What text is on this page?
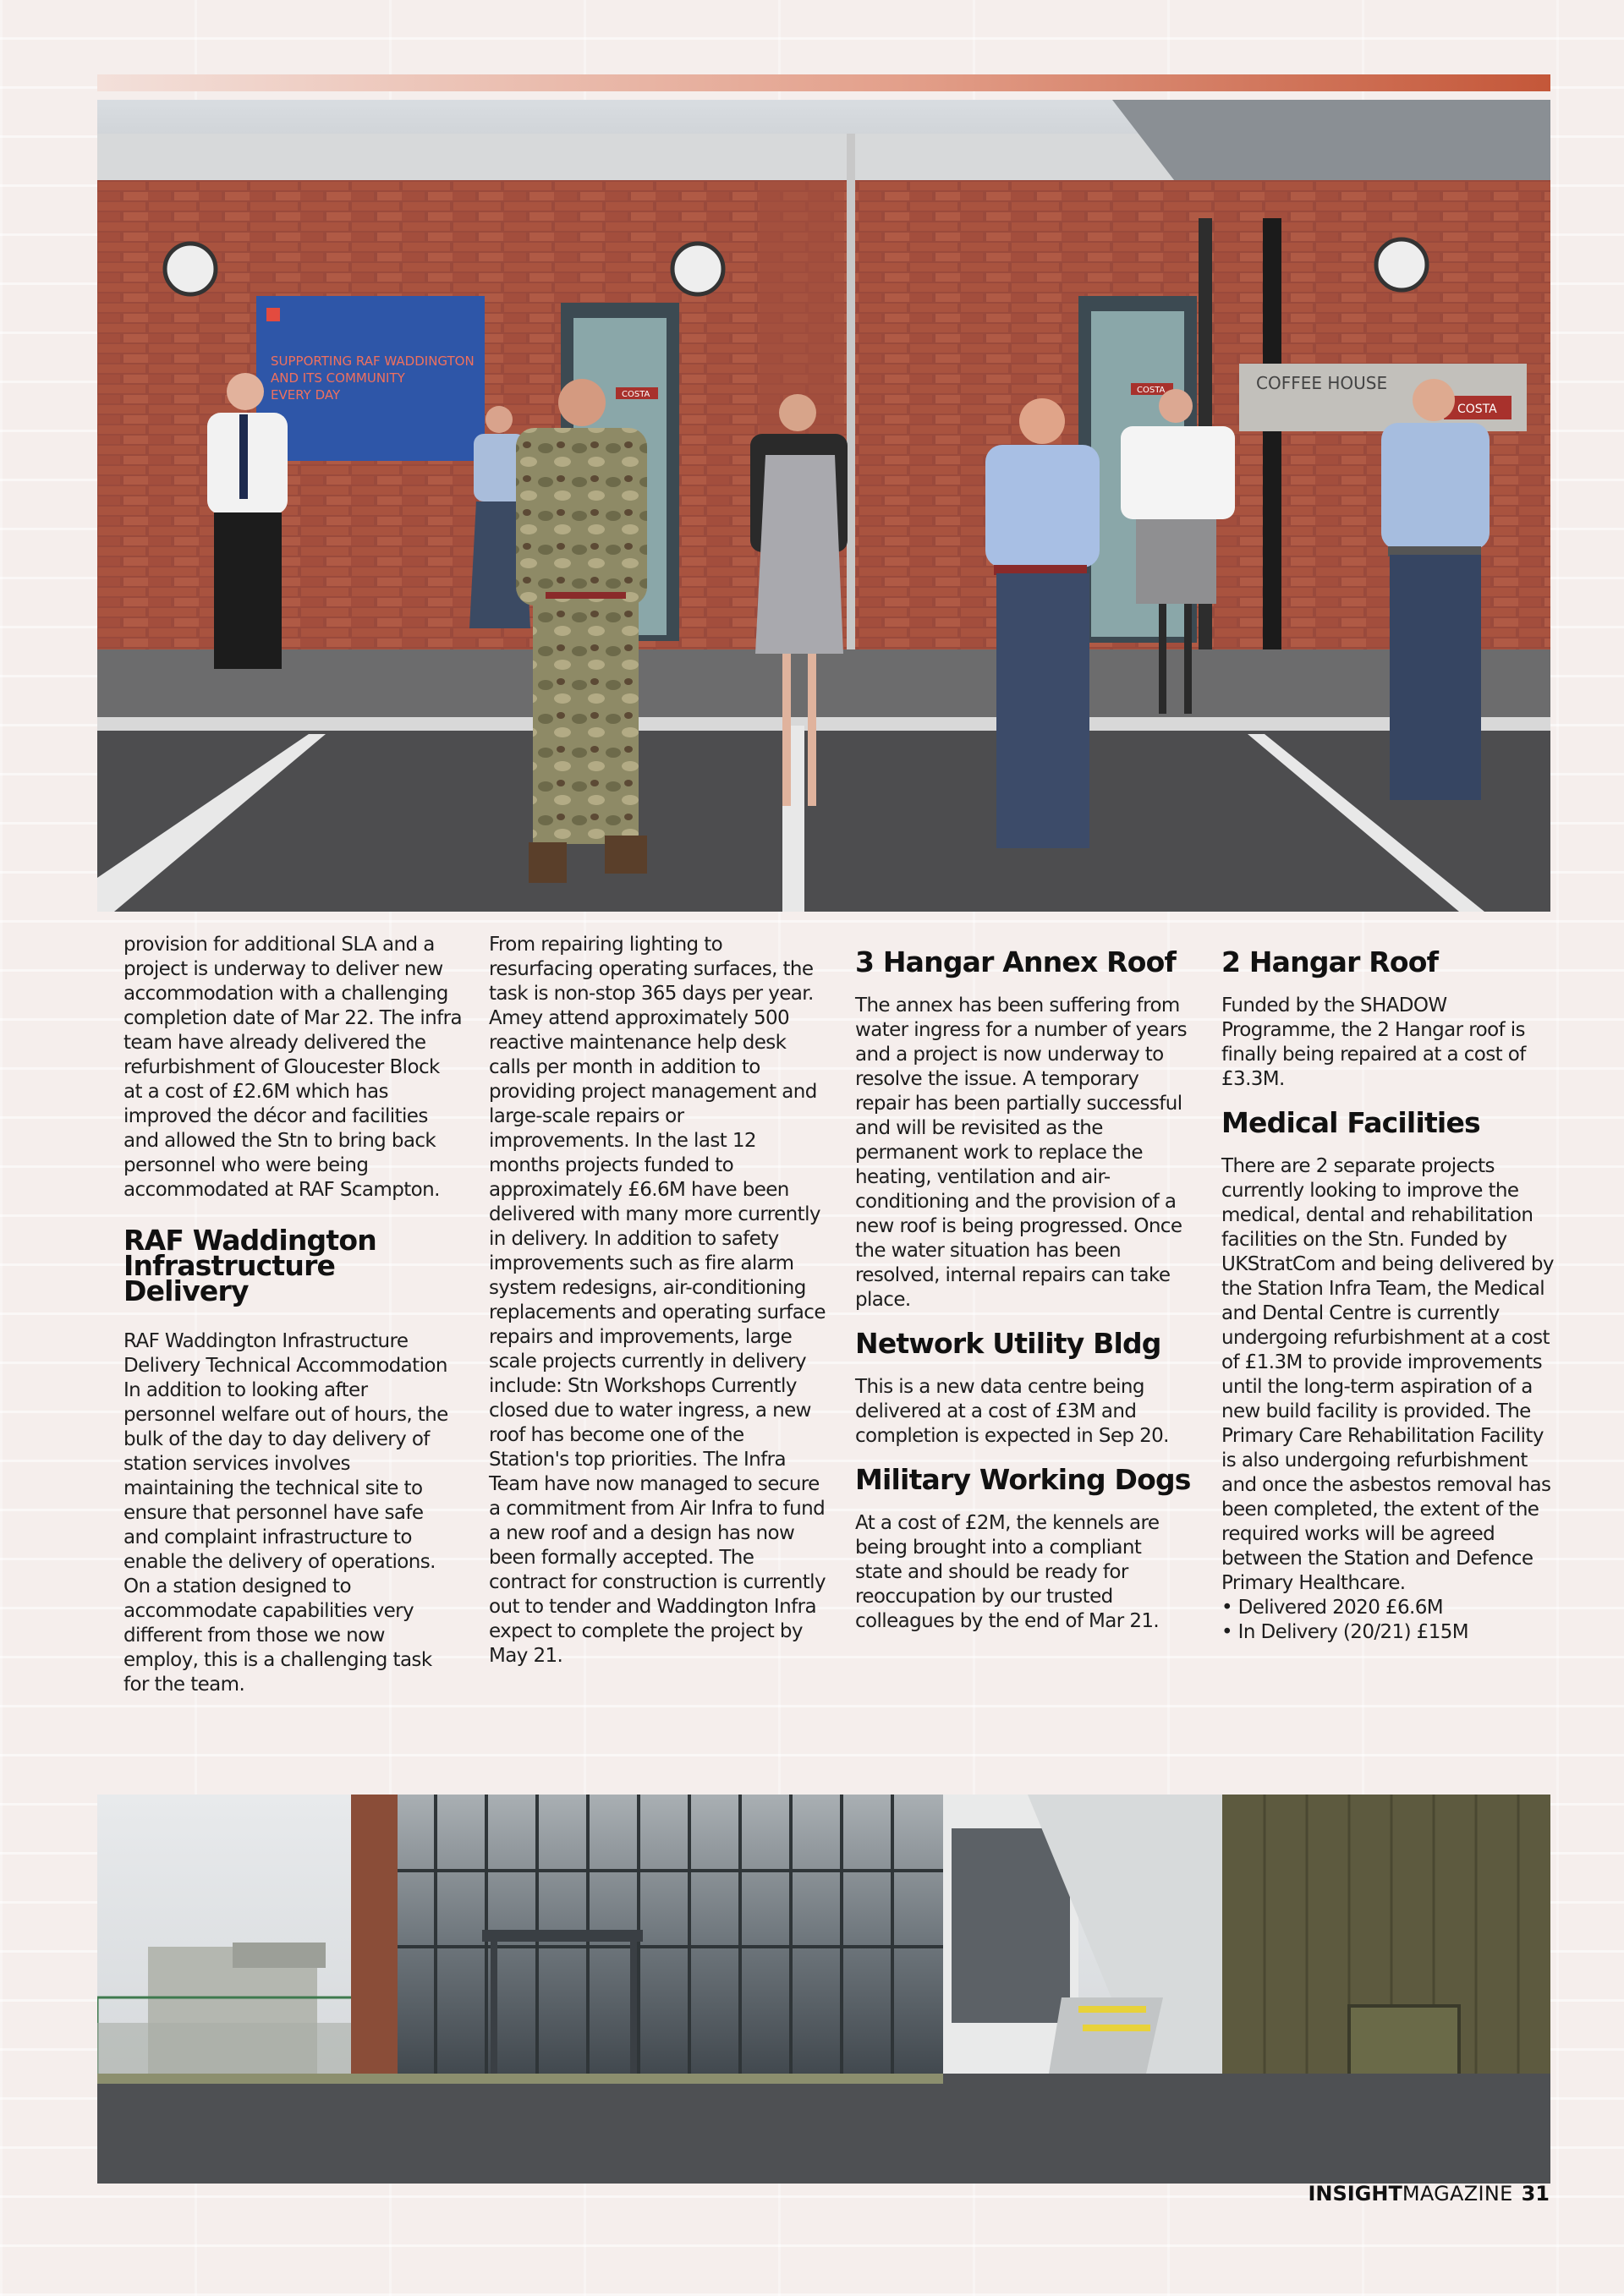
SUPPORTING RAF WADDINGTON
AND ITS COMMUNITY
EVERY DAY	COSTA	COSTA	COFFEE HOUSE
COSTA

provision for additional SLA and a project is underway to deliver new accommodation with a challenging completion date of Mar 22. The infra team have already delivered the refurbishment of Gloucester Block at a cost of £2.6M which has improved the décor and facilities and allowed the Stn to bring back personnel who were being accommodated at RAF Scampton.

RAF Waddington Infrastructure Delivery

RAF Waddington Infrastructure Delivery Technical Accommodation In addition to looking after personnel welfare out of hours, the bulk of the day to day delivery of station services involves maintaining the technical site to ensure that personnel have safe and complaint infrastructure to enable the delivery of operations. On a station designed to accommodate capabilities very different from those we now employ, this is a challenging task for the team.

From repairing lighting to resurfacing operating surfaces, the task is non-stop 365 days per year.

Amey attend approximately 500 reactive maintenance help desk calls per month in addition to providing project management and large-scale repairs or improvements. In the last 12 months projects funded to approximately £6.6M have been delivered with many more currently in delivery. In addition to safety improvements such as fire alarm system redesigns, air-conditioning replacements and operating surface repairs and improvements, large scale projects currently in delivery include: Stn Workshops Currently closed due to water ingress, a new roof has become one of the Station's top priorities. The Infra Team have now managed to secure a commitment from Air Infra to fund a new roof and a design has now been formally accepted. The contract for construction is currently out to tender and Waddington Infra expect to complete the project by May 21.

3 Hangar Annex Roof

The annex has been suffering from water ingress for a number of years and a project is now underway to resolve the issue. A temporary repair has been partially successful and will be revisited as the permanent work to replace the heating, ventilation and air-conditioning and the provision of a new roof is being progressed. Once the water situation has been resolved, internal repairs can take place.

Network Utility Bldg

This is a new data centre being delivered at a cost of £3M and completion is expected in Sep 20.

Military Working Dogs

At a cost of £2M, the kennels are being brought into a compliant state and should be ready for reoccupation by our trusted colleagues by the end of Mar 21.

2 Hangar Roof

Funded by the SHADOW Programme, the 2 Hangar roof is finally being repaired at a cost of £3.3M.

Medical Facilities

There are 2 separate projects currently looking to improve the medical, dental and rehabilitation facilities on the Stn. Funded by UKStratCom and being delivered by the Station Infra Team, the Medical and Dental Centre is currently undergoing refurbishment at a cost of £1.3M to provide improvements until the long-term aspiration of a new build facility is provided. The Primary Care Rehabilitation Facility is also undergoing refurbishment and once the asbestos removal has been completed, the extent of the required works will be agreed between the Station and Defence Primary Healthcare.

• Delivered 2020 £6.6M

• In Delivery (20/21) £15M

INSIGHTMAGAZINE 31
